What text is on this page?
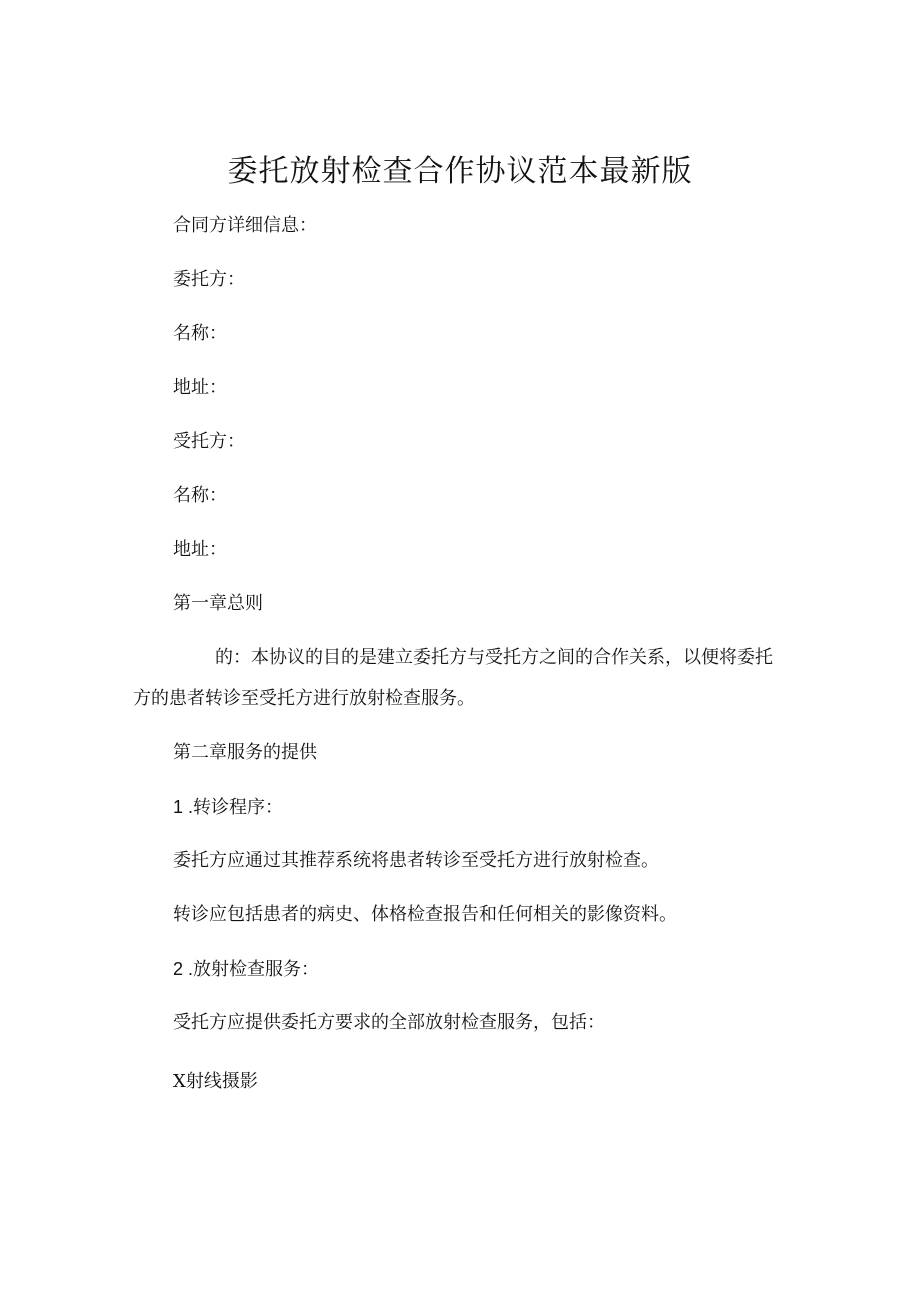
委托放射检查合作协议范本最新版
合同方详细信息：
委托方：
名称：
地址：
受托方：
名称：
地址：
第一章总则
的：本协议的目的是建立委托方与受托方之间的合作关系，以便将委托
方的患者转诊至受托方进行放射检查服务。
第二章服务的提供
1 .转诊程序：
委托方应通过其推荐系统将患者转诊至受托方进行放射检查。
转诊应包括患者的病史、体格检查报告和任何相关的影像资料。
2 .放射检查服务：
受托方应提供委托方要求的全部放射检查服务，包括：
X射线摄影
